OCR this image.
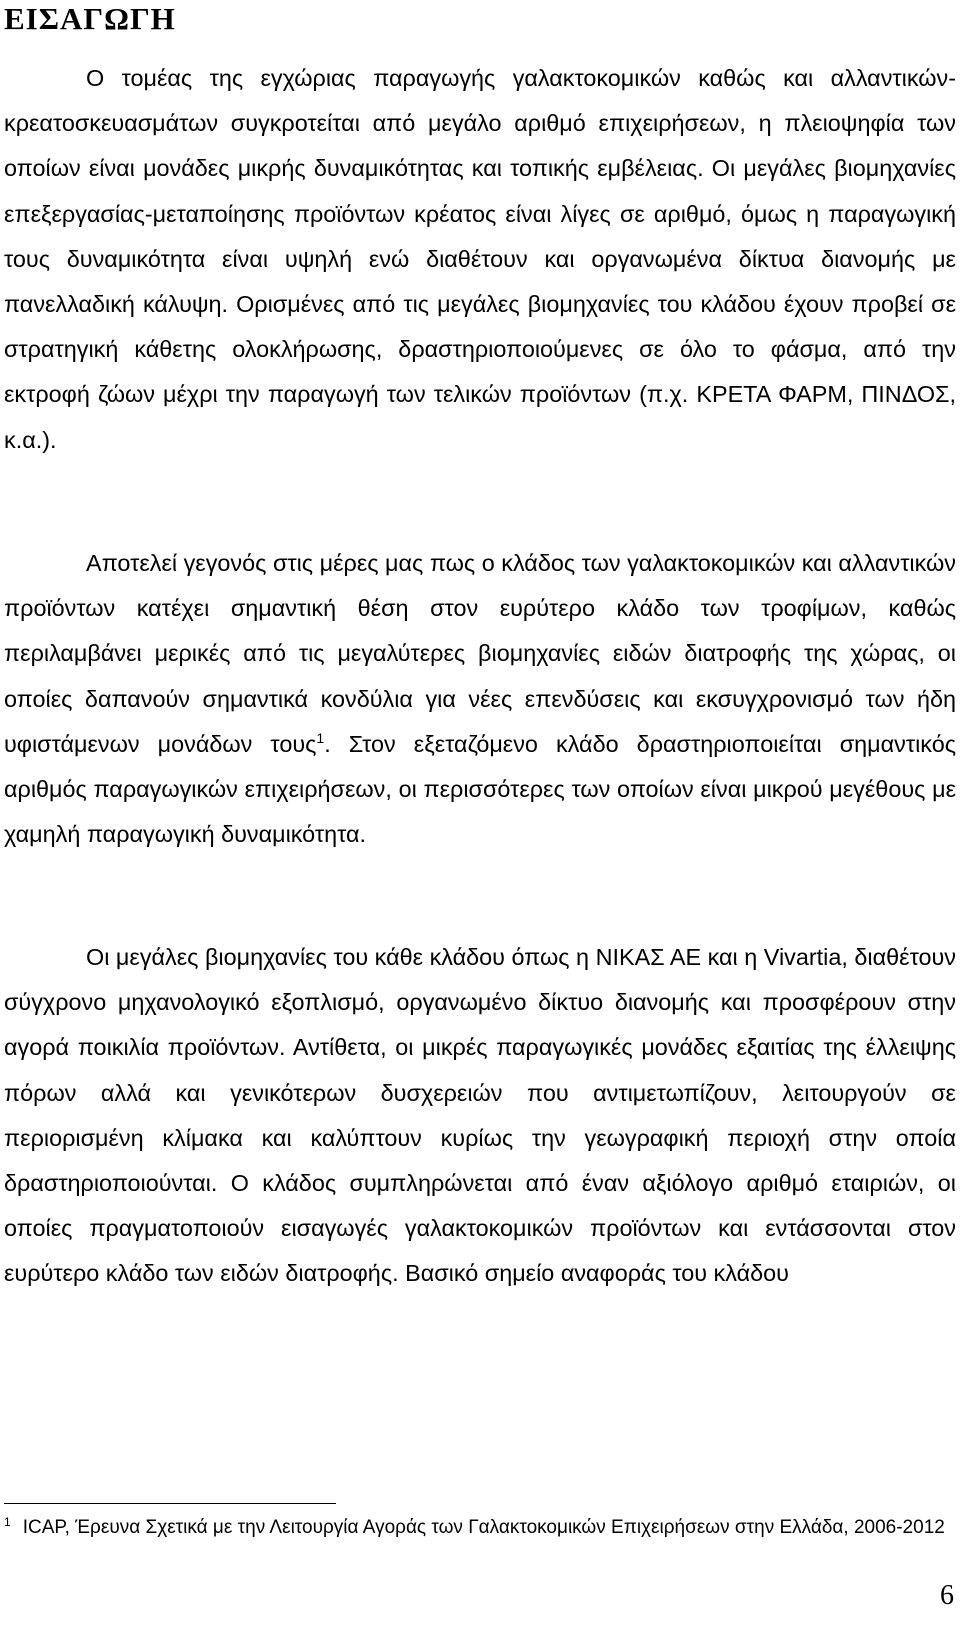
ΕΙΣΑΓΩΓΗ

Ο τομέας της εγχώριας παραγωγής γαλακτοκομικών καθώς και αλλαντικών-κρεατοσκευασμάτων συγκροτείται από μεγάλο αριθμό επιχειρήσεων, η πλειοψηφία των οποίων είναι μονάδες μικρής δυναμικότητας και τοπικής εμβέλειας. Οι μεγάλες βιομηχανίες επεξεργασίας-μεταποίησης προϊόντων κρέατος είναι λίγες σε αριθμό, όμως η παραγωγική τους δυναμικότητα είναι υψηλή ενώ διαθέτουν και οργανωμένα δίκτυα διανομής με πανελλαδική κάλυψη. Ορισμένες από τις μεγάλες βιομηχανίες του κλάδου έχουν προβεί σε στρατηγική κάθετης ολοκλήρωσης, δραστηριοποιούμενες σε όλο το φάσμα, από την εκτροφή ζώων μέχρι την παραγωγή των τελικών προϊόντων (π.χ. ΚΡΕΤΑ ΦΑΡΜ, ΠΙΝΔΟΣ, κ.α.).

Αποτελεί γεγονός στις μέρες μας πως ο κλάδος των γαλακτοκομικών και αλλαντικών προϊόντων κατέχει σημαντική θέση στον ευρύτερο κλάδο των τροφίμων, καθώς περιλαμβάνει μερικές από τις μεγαλύτερες βιομηχανίες ειδών διατροφής της χώρας, οι οποίες δαπανούν σημαντικά κονδύλια για νέες επενδύσεις και εκσυγχρονισμό των ήδη υφιστάμενων μονάδων τους$^1$. Στον εξεταζόμενο κλάδο δραστηριοποιείται σημαντικός αριθμός παραγωγικών επιχειρήσεων, οι περισσότερες των οποίων είναι μικρού μεγέθους με χαμηλή παραγωγική δυναμικότητα.

Οι μεγάλες βιομηχανίες του κάθε κλάδου όπως η ΝΙΚΑΣ ΑΕ και η Vivartia, διαθέτουν σύγχρονο μηχανολογικό εξοπλισμό, οργανωμένο δίκτυο διανομής και προσφέρουν στην αγορά ποικιλία προϊόντων. Αντίθετα, οι μικρές παραγωγικές μονάδες εξαιτίας της έλλειψης πόρων αλλά και γενικότερων δυσχερειών που αντιμετωπίζουν, λειτουργούν σε περιορισμένη κλίμακα και καλύπτουν κυρίως την γεωγραφική περιοχή στην οποία δραστηριοποιούνται. Ο κλάδος συμπληρώνεται από έναν αξιόλογο αριθμό εταιριών, οι οποίες πραγματοποιούν εισαγωγές γαλακτοκομικών προϊόντων και εντάσσονται στον ευρύτερο κλάδο των ειδών διατροφής. Βασικό σημείο αναφοράς του κλάδου

$^1$ ICAP, Έρευνα Σχετικά με την Λειτουργία Αγοράς των Γαλακτοκομικών Επιχειρήσεων στην Ελλάδα, 2006-2012

6
